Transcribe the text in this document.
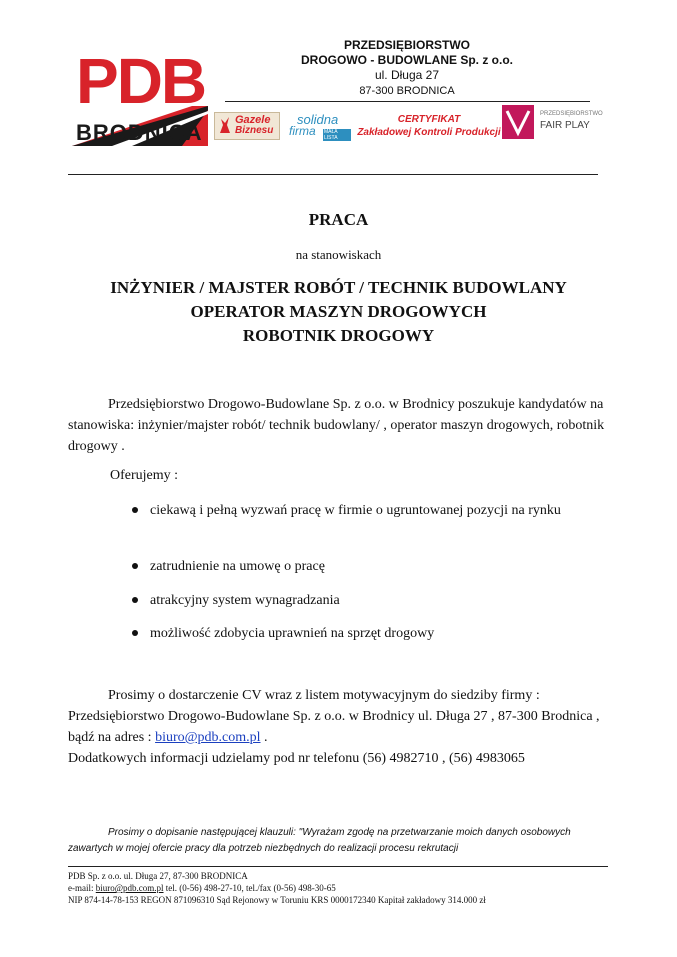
PDB
BRODNICA
PRZEDSIĘBIORSTWO
DROGOWO - BUDOWLANE Sp. z o.o.
ul. Długa 27
87-300 BRODNICA
Gazele
Biznesu
solidna
firma MAŁA LISTA
CERTYFIKAT
Zakładowej Kontroli Produkcji
PRZEDSIĘBIORSTWO
FAIR PLAY
PRACA
na stanowiskach
INŻYNIER / MAJSTER ROBÓT / TECHNIK BUDOWLANY
OPERATOR MASZYN DROGOWYCH
ROBOTNIK DROGOWY
Przedsiębiorstwo Drogowo-Budowlane Sp. z o.o. w Brodnicy poszukuje kandydatów na stanowiska: inżynier/majster robót/ technik budowlany/ , operator maszyn drogowych, robotnik drogowy .
Oferujemy :
ciekawą i pełną wyzwań pracę w firmie o ugruntowanej pozycji na rynku
zatrudnienie na umowę o pracę
atrakcyjny system wynagradzania
możliwość zdobycia uprawnień na sprzęt drogowy
Prosimy o dostarczenie CV wraz z listem motywacyjnym do siedziby firmy : Przedsiębiorstwo Drogowo-Budowlane Sp. z o.o. w Brodnicy ul. Długa 27 , 87-300 Brodnica , bądź na adres : biuro@pdb.com.pl .
Dodatkowych informacji udzielamy pod nr telefonu (56) 4982710 , (56) 4983065
Prosimy o dopisanie następującej klauzuli: "Wyrażam zgodę na przetwarzanie moich danych osobowych zawartych w mojej ofercie pracy dla potrzeb niezbędnych do realizacji procesu rekrutacji
PDB Sp. z o.o. ul. Długa 27, 87-300 BRODNICA
e-mail: biuro@pdb.com.pl tel. (0-56) 498-27-10, tel./fax (0-56) 498-30-65
NIP 874-14-78-153 REGON 871096310 Sąd Rejonowy w Toruniu KRS 0000172340 Kapitał zakładowy 314.000 zł
